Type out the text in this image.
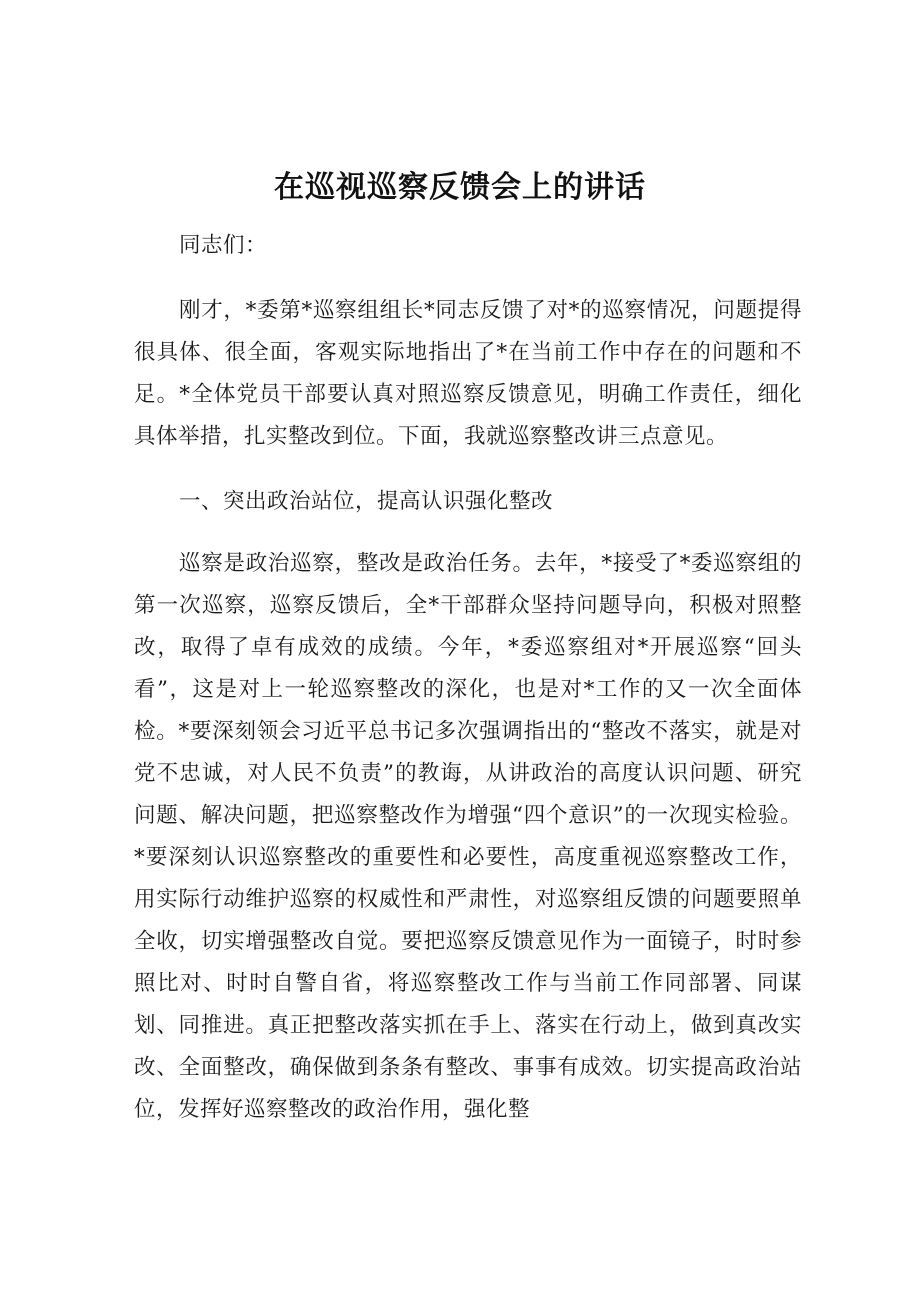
在巡视巡察反馈会上的讲话

同志们：

刚才，*委第*巡察组组长*同志反馈了对*的巡察情况，问题提得很具体、很全面，客观实际地指出了*在当前工作中存在的问题和不足。*全体党员干部要认真对照巡察反馈意见，明确工作责任，细化具体举措，扎实整改到位。下面，我就巡察整改讲三点意见。

一、突出政治站位，提高认识强化整改

巡察是政治巡察，整改是政治任务。去年，*接受了*委巡察组的第一次巡察，巡察反馈后，全*干部群众坚持问题导向，积极对照整改，取得了卓有成效的成绩。今年，*委巡察组对*开展巡察“回头看”，这是对上一轮巡察整改的深化，也是对*工作的又一次全面体检。*要深刻领会习近平总书记多次强调指出的“整改不落实，就是对党不忠诚，对人民不负责”的教诲，从讲政治的高度认识问题、研究问题、解决问题，把巡察整改作为增强“四个意识”的一次现实检验。*要深刻认识巡察整改的重要性和必要性，高度重视巡察整改工作，用实际行动维护巡察的权威性和严肃性，对巡察组反馈的问题要照单全收，切实增强整改自觉。要把巡察反馈意见作为一面镜子，时时参照比对、时时自警自省，将巡察整改工作与当前工作同部署、同谋划、同推进。真正把整改落实抓在手上、落实在行动上，做到真改实改、全面整改，确保做到条条有整改、事事有成效。切实提高政治站位，发挥好巡察整改的政治作用，强化整
